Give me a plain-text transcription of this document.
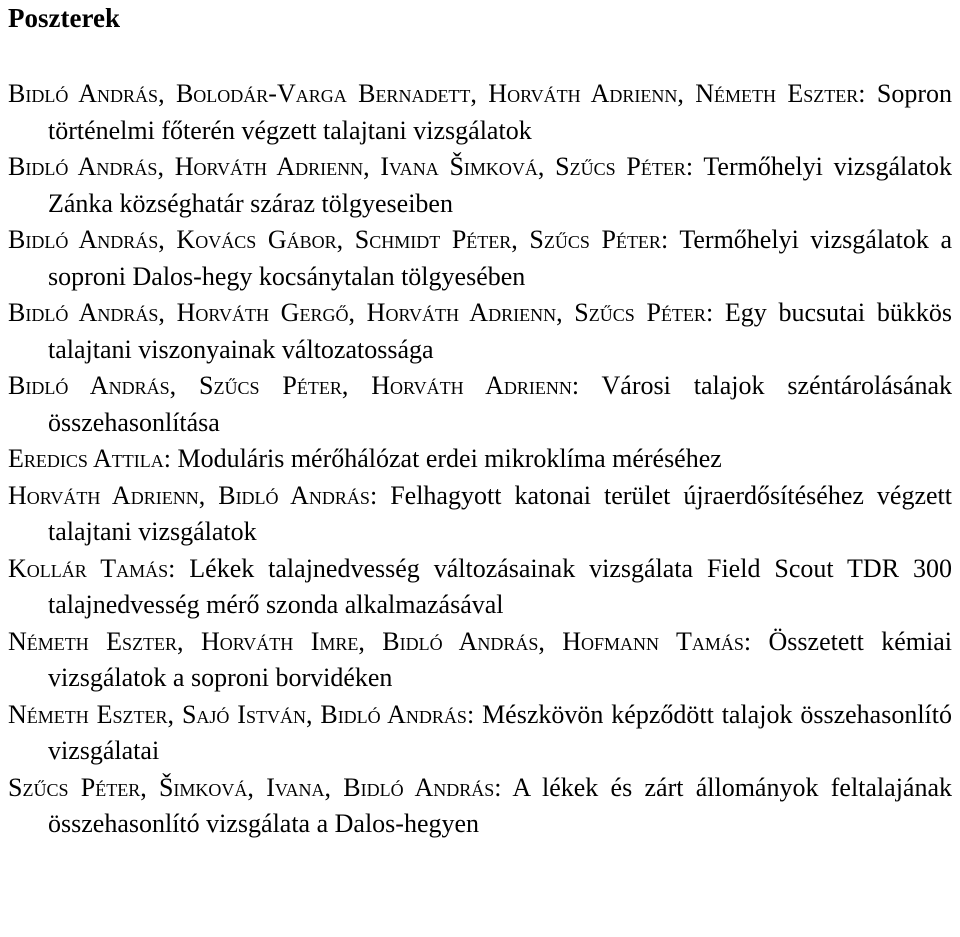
Poszterek
Bidló András, Bolodár-Varga Bernadett, Horváth Adrienn, Németh Eszter: Sopron történelmi főterén végzett talajtani vizsgálatok
Bidló András, Horváth Adrienn, Ivana Šimková, Szűcs Péter: Termőhelyi vizsgálatok Zánka községhatár száraz tölgyeseiben
Bidló András, Kovács Gábor, Schmidt Péter, Szűcs Péter: Termőhelyi vizsgálatok a soproni Dalos-hegy kocsánytalan tölgyesében
Bidló András, Horváth Gergő, Horváth Adrienn, Szűcs Péter: Egy bucsutai bükkös talajtani viszonyainak változatossága
Bidló András, Szűcs Péter, Horváth Adrienn: Városi talajok széntárolásának összehasonlítása
Eredics Attila: Moduláris mérőhálózat erdei mikroklíma méréséhez
Horváth Adrienn, Bidló András: Felhagyott katonai terület újraerdősítéséhez végzett talajtani vizsgálatok
Kollár Tamás: Lékek talajnedvesség változásainak vizsgálata Field Scout TDR 300 talajnedvesség mérő szonda alkalmazásával
Németh Eszter, Horváth Imre, Bidló András, Hofmann Tamás: Összetett kémiai vizsgálatok a soproni borvidéken
Németh Eszter, Sajó István, Bidló András: Mészkövön képződött talajok összehasonlító vizsgálatai
Szűcs Péter, Šimková, Ivana, Bidló András: A lékek és zárt állományok feltalajának összehasonlító vizsgálata a Dalos-hegyen
